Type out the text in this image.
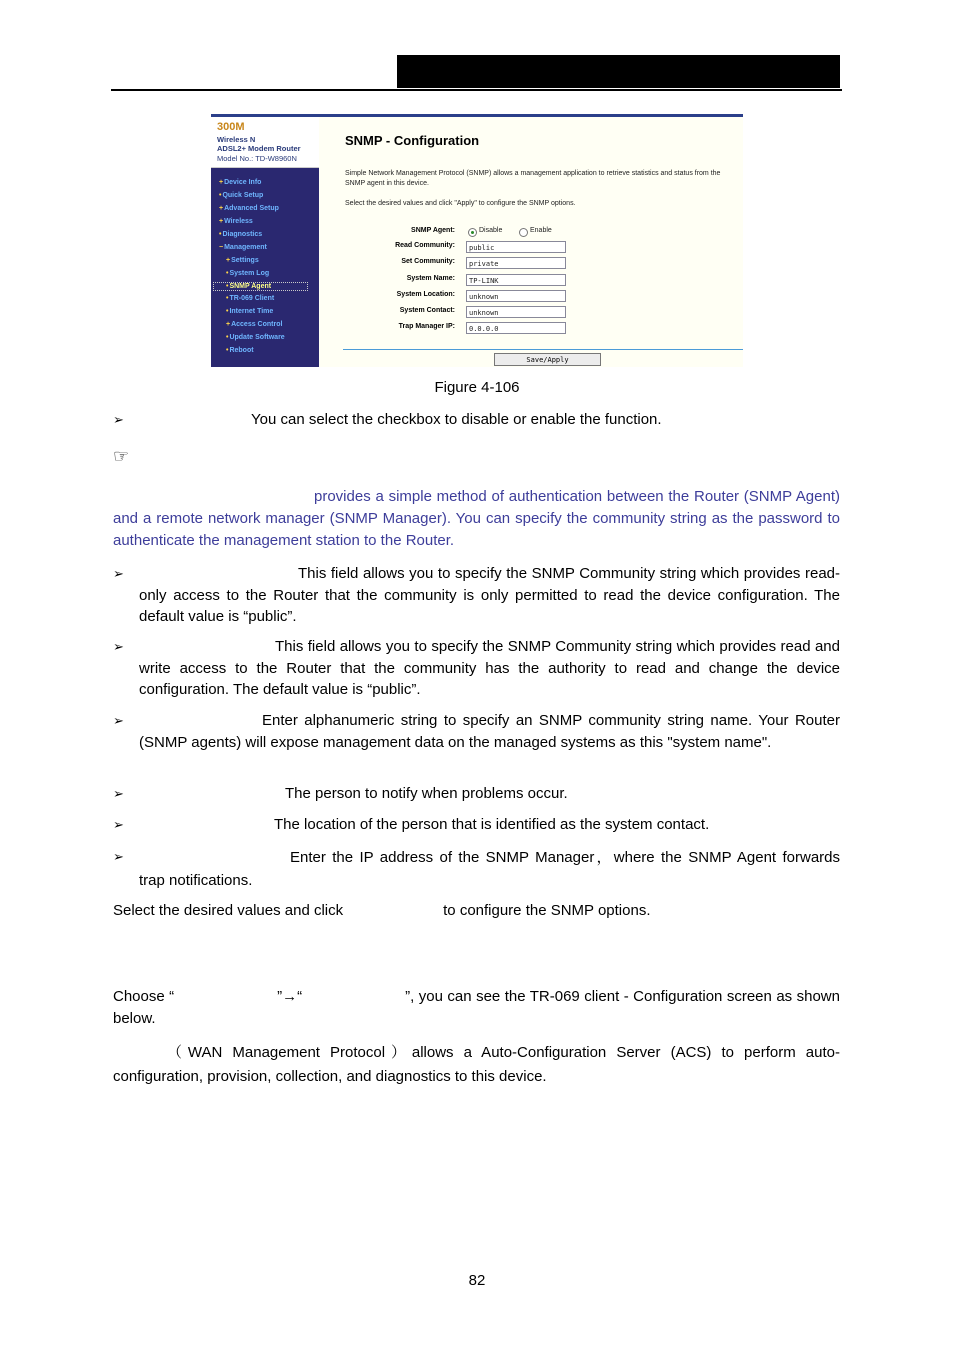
300M
Wireless N
ADSL2+ Modem Router
Model No.: TD-W8960N
+Device Info
•Quick Setup
+Advanced Setup
+Wireless
•Diagnostics
−Management
+Settings
•System Log
•SNMP Agent
•TR-069 Client
•Internet Time
+Access Control
•Update Software
•Reboot
SNMP - Configuration
Simple Network Management Protocol (SNMP) allows a management application to retrieve statistics and status from the SNMP agent in this device.
Select the desired values and click "Apply" to configure the SNMP options.
SNMP Agent:	Disable	Enable
Read Community:	public
Set Community:	private
System Name:	TP-LINK
System Location:	unknown
System Contact:	unknown
Trap Manager IP:	0.0.0.0
Save/Apply
Figure 4-106
➢	You can select the checkbox to disable or enable the function.
☞
provides a simple method of authentication between the Router (SNMP Agent) and a remote network manager (SNMP Manager). You can specify the community string as the password to authenticate the management station to the Router.
➢	This field allows you to specify the SNMP Community string which provides read-only access to the Router that the community is only permitted to read the device configuration. The default value is “public”.
➢	This field allows you to specify the SNMP Community string which provides read and write access to the Router that the community has the authority to read and change the device configuration. The default value is “public”.
➢	Enter alphanumeric string to specify an SNMP community string name. Your Router (SNMP agents) will expose management data on the managed systems as this "system name".
➢	The person to notify when problems occur.
➢	The location of the person that is identified as the system contact.
➢	Enter the IP address of the SNMP Manager，where the SNMP Agent forwards trap notifications.
Select the desired values and click	to configure the SNMP options.
Choose “	”→“	”, you can see the TR-069 client - Configuration screen as shown below.
（WAN Management Protocol）allows a Auto-Configuration Server (ACS) to perform auto-configuration, provision, collection, and diagnostics to this device.
82
